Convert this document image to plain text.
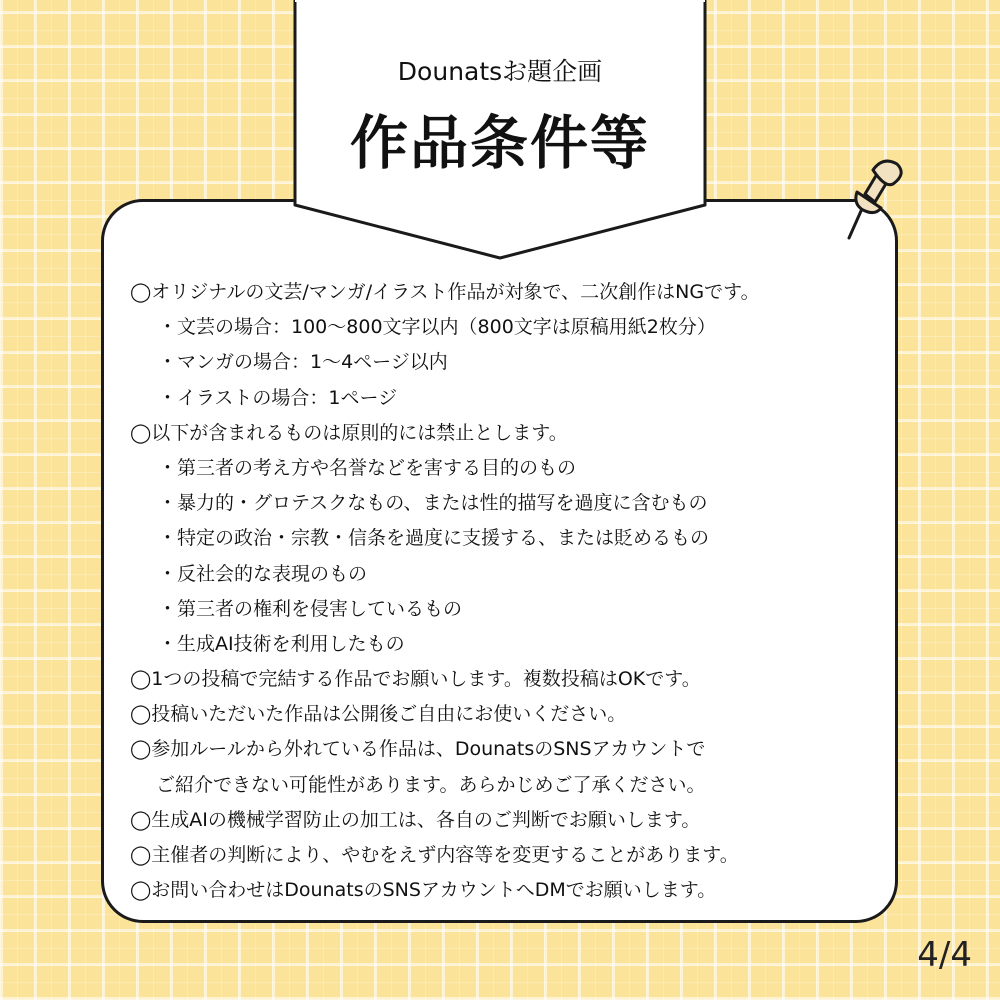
Dounatsお題企画
作品条件等
◯オリジナルの文芸/マンガ/イラスト作品が対象で、二次創作はNGです。
・文芸の場合：100〜800文字以内（800文字は原稿用紙2枚分）
・マンガの場合：1〜4ページ以内
・イラストの場合：1ページ
◯以下が含まれるものは原則的には禁止とします。
・第三者の考え方や名誉などを害する目的のもの
・暴力的・グロテスクなもの、または性的描写を過度に含むもの
・特定の政治・宗教・信条を過度に支援する、または貶めるもの
・反社会的な表現のもの
・第三者の権利を侵害しているもの
・生成AI技術を利用したもの
◯1つの投稿で完結する作品でお願いします。複数投稿はOKです。
◯投稿いただいた作品は公開後ご自由にお使いください。
◯参加ルールから外れている作品は、DounatsのSNSアカウントで
ご紹介できない可能性があります。あらかじめご了承ください。
◯生成AIの機械学習防止の加工は、各自のご判断でお願いします。
◯主催者の判断により、やむをえず内容等を変更することがあります。
◯お問い合わせはDounatsのSNSアカウントへDMでお願いします。
4/4
